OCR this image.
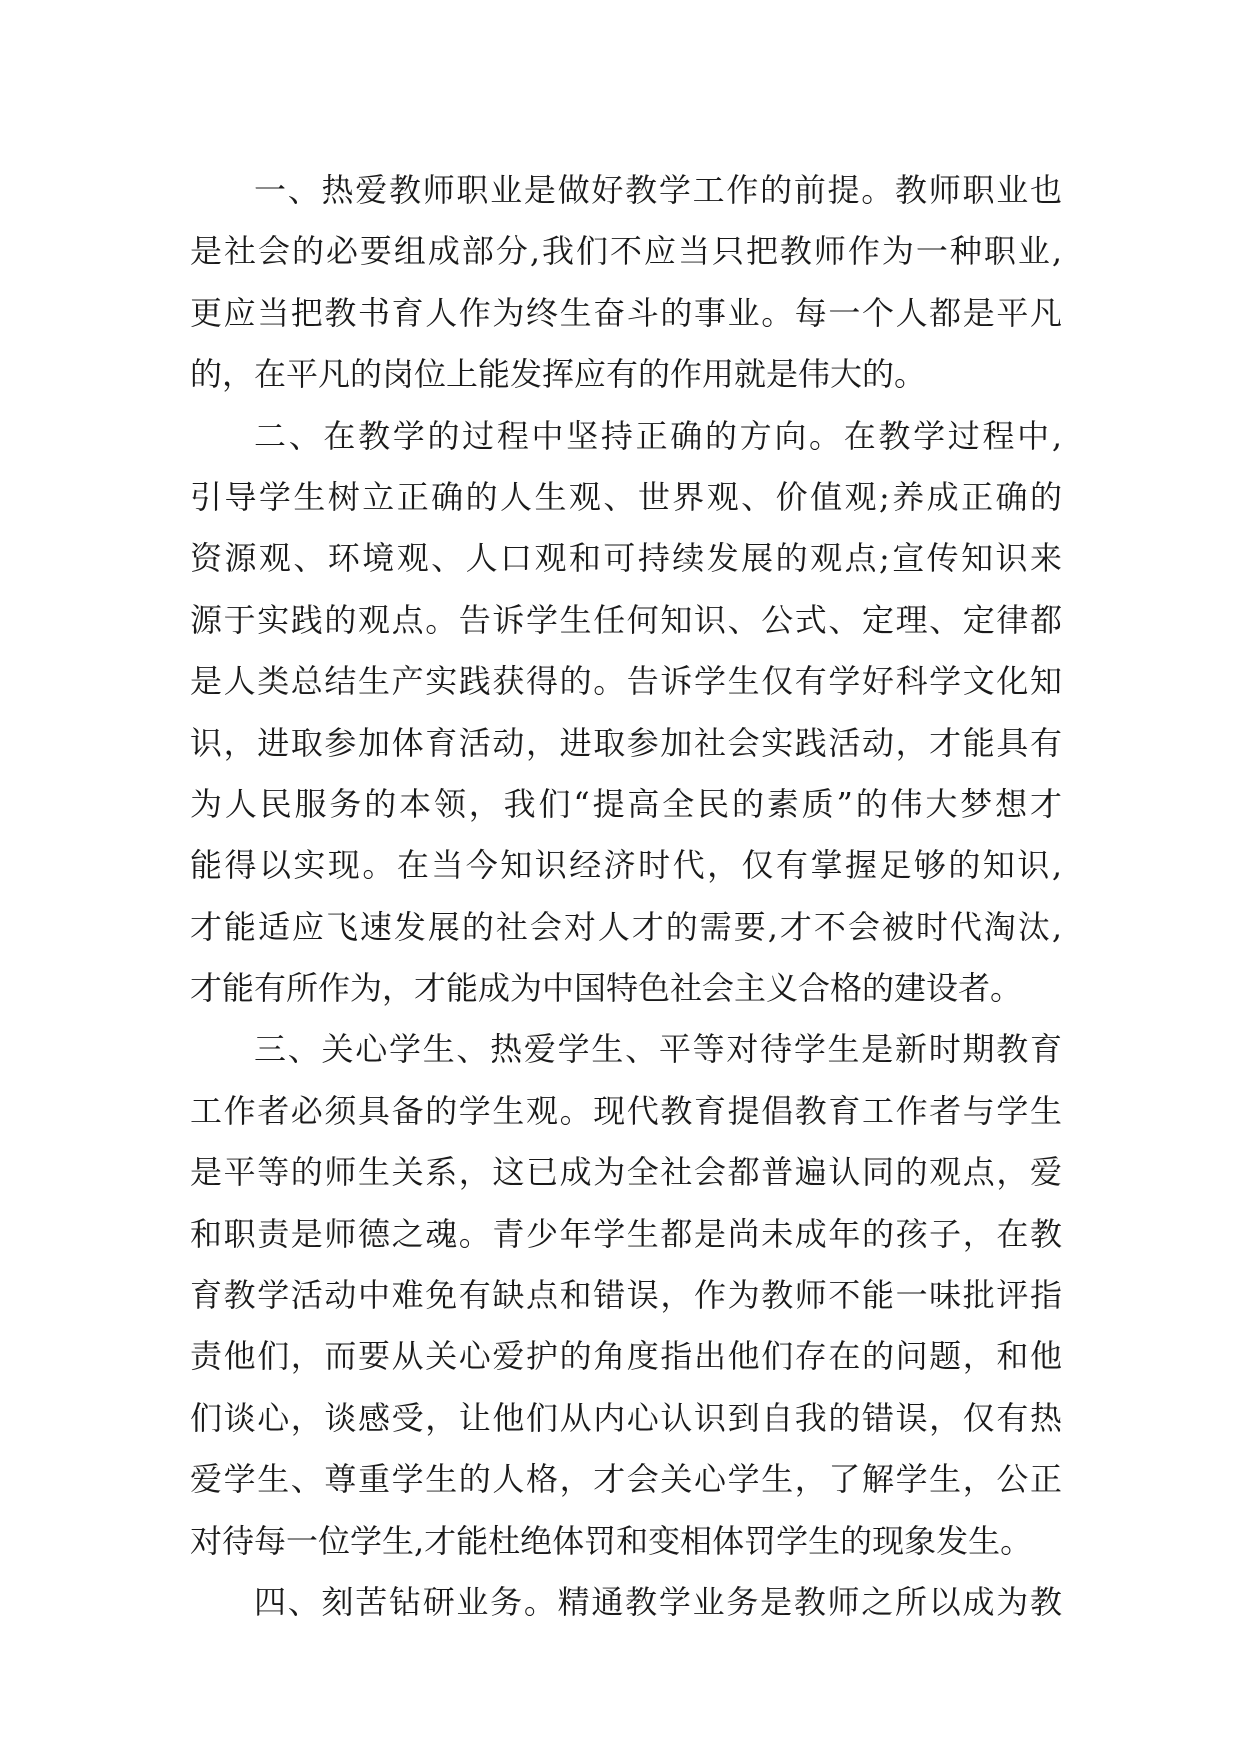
一、热爱教师职业是做好教学工作的前提。教师职业也
是社会的必要组成部分,我们不应当只把教师作为一种职业,
更应当把教书育人作为终生奋斗的事业。每一个人都是平凡
的，在平凡的岗位上能发挥应有的作用就是伟大的。
二、在教学的过程中坚持正确的方向。在教学过程中,
引导学生树立正确的人生观、世界观、价值观;养成正确的
资源观、环境观、人口观和可持续发展的观点;宣传知识来
源于实践的观点。告诉学生任何知识、公式、定理、定律都
是人类总结生产实践获得的。告诉学生仅有学好科学文化知
识，进取参加体育活动，进取参加社会实践活动，才能具有
为人民服务的本领，我们“提高全民的素质”的伟大梦想才
能得以实现。在当今知识经济时代，仅有掌握足够的知识,
才能适应飞速发展的社会对人才的需要,才不会被时代淘汰,
才能有所作为，才能成为中国特色社会主义合格的建设者。
三、关心学生、热爱学生、平等对待学生是新时期教育
工作者必须具备的学生观。现代教育提倡教育工作者与学生
是平等的师生关系，这已成为全社会都普遍认同的观点，爱
和职责是师德之魂。青少年学生都是尚未成年的孩子，在教
育教学活动中难免有缺点和错误，作为教师不能一味批评指
责他们，而要从关心爱护的角度指出他们存在的问题，和他
们谈心，谈感受，让他们从内心认识到自我的错误，仅有热
爱学生、尊重学生的人格，才会关心学生，了解学生，公正
对待每一位学生,才能杜绝体罚和变相体罚学生的现象发生。
四、刻苦钻研业务。精通教学业务是教师之所以成为教
